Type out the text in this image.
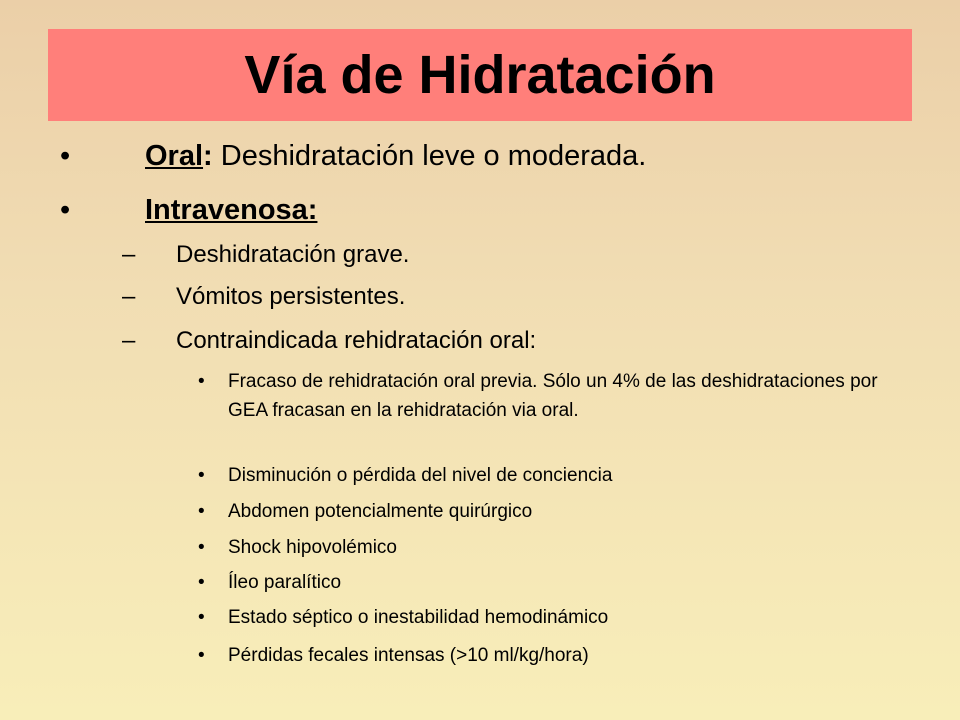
Vía de Hidratación
•	Oral: Deshidratación leve o moderada.
•	Intravenosa:
– Deshidratación grave.
– Vómitos persistentes.
– Contraindicada rehidratación oral:
• Fracaso de rehidratación oral previa. Sólo un 4% de las deshidrataciones por GEA fracasan en la rehidratación via oral.
• Disminución o pérdida del nivel de conciencia
• Abdomen potencialmente quirúrgico
• Shock hipovolémico
• Íleo paralítico
• Estado séptico o inestabilidad hemodinámico
• Pérdidas fecales intensas (>10 ml/kg/hora)
